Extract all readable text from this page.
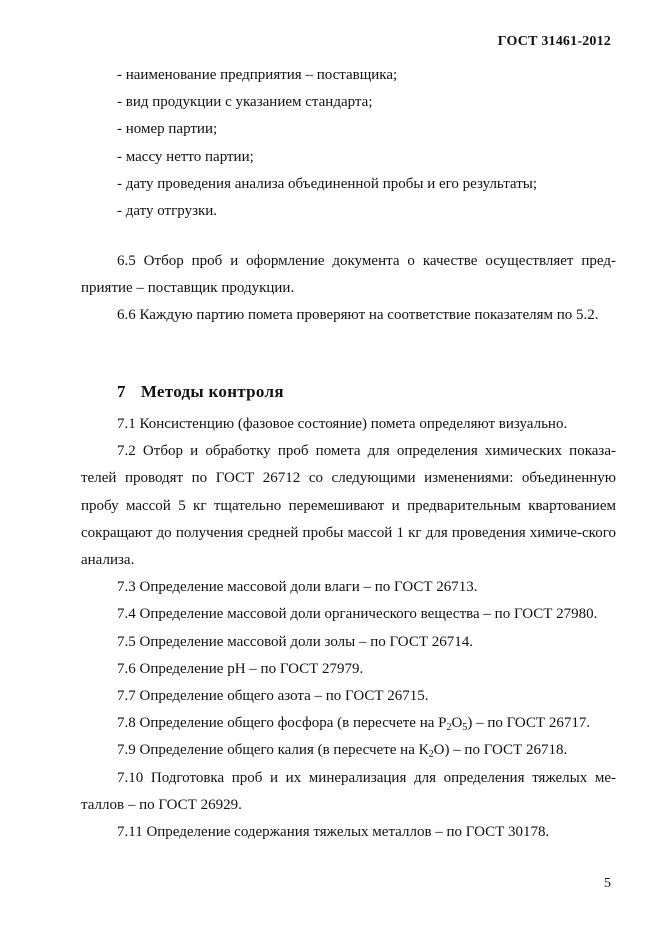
ГОСТ 31461-2012
- наименование предприятия – поставщика;
- вид продукции с указанием стандарта;
- номер партии;
- массу нетто партии;
- дату проведения анализа объединенной пробы и его результаты;
- дату отгрузки.
6.5 Отбор проб и оформление документа о качестве осуществляет пред-приятие – поставщик продукции.
6.6 Каждую партию помета проверяют на соответствие показателям по 5.2.
7 Методы контроля
7.1 Консистенцию (фазовое состояние) помета определяют визуально.
7.2 Отбор и обработку проб помета для определения химических показа-телей проводят по ГОСТ 26712 со следующими изменениями: объединенную пробу массой 5 кг тщательно перемешивают и предварительным квартованием сокращают до получения средней пробы массой 1 кг для проведения химиче-ского анализа.
7.3 Определение массовой доли влаги – по ГОСТ 26713.
7.4 Определение массовой доли органического вещества – по ГОСТ 27980.
7.5 Определение массовой доли золы – по ГОСТ 26714.
7.6 Определение рН – по ГОСТ 27979.
7.7 Определение общего азота – по ГОСТ 26715.
7.8 Определение общего фосфора (в пересчете на $Р_2О_5$) – по ГОСТ 26717.
7.9 Определение общего калия (в пересчете на $К_2О$) – по ГОСТ 26718.
7.10 Подготовка проб и их минерализация для определения тяжелых ме-таллов – по ГОСТ 26929.
7.11 Определение содержания тяжелых металлов – по ГОСТ 30178.
5
